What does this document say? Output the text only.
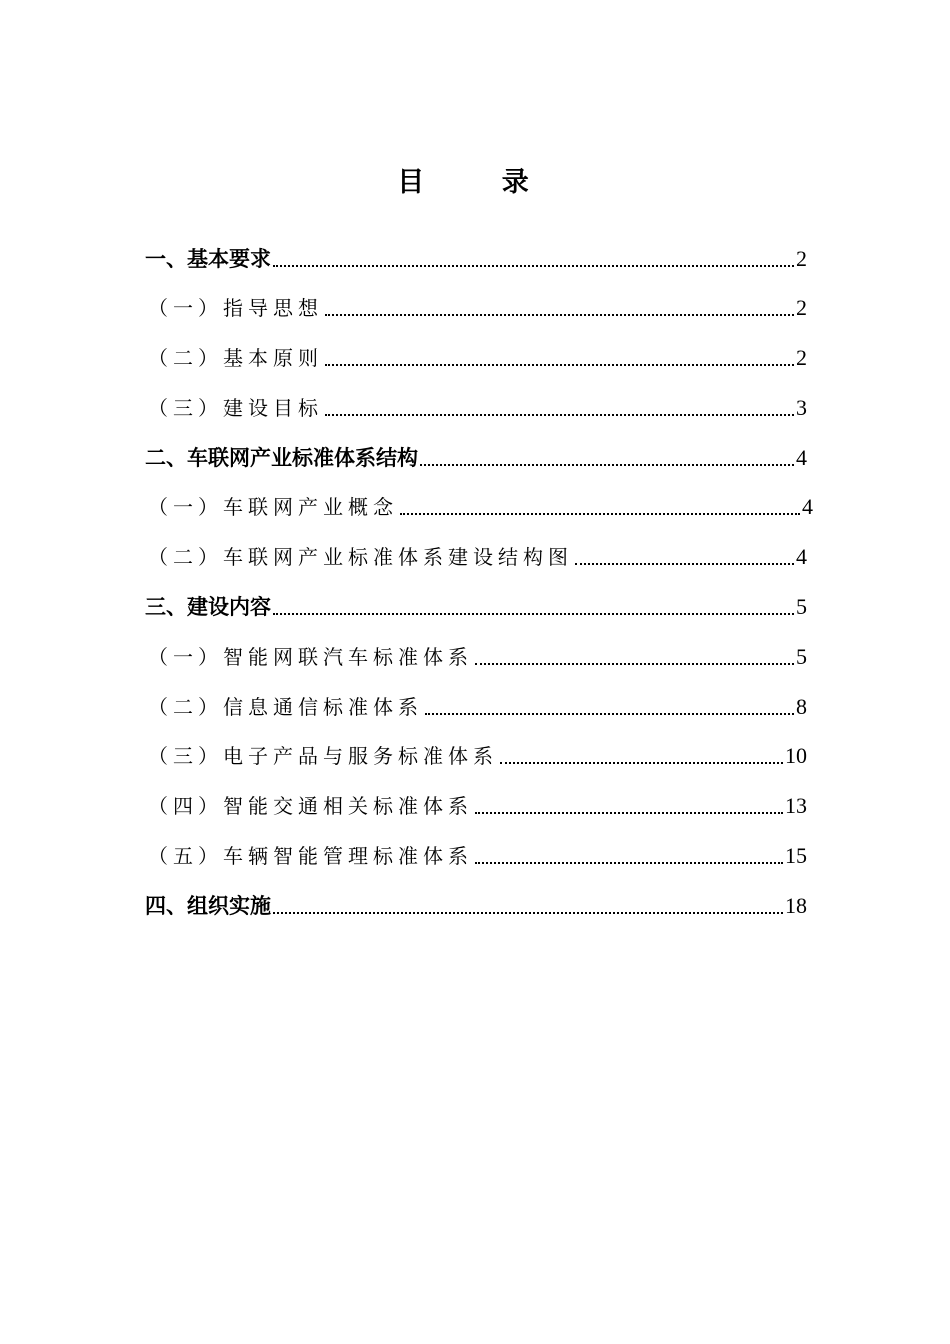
目 录
一、基本要求	2
（一）指导思想	2
（二）基本原则	2
（三）建设目标	3
二、车联网产业标准体系结构	4
（一）车联网产业概念	4
（二）车联网产业标准体系建设结构图	4
三、建设内容	5
（一）智能网联汽车标准体系	5
（二）信息通信标准体系	8
（三）电子产品与服务标准体系	10
（四）智能交通相关标准体系	13
（五）车辆智能管理标准体系	15
四、组织实施	18
